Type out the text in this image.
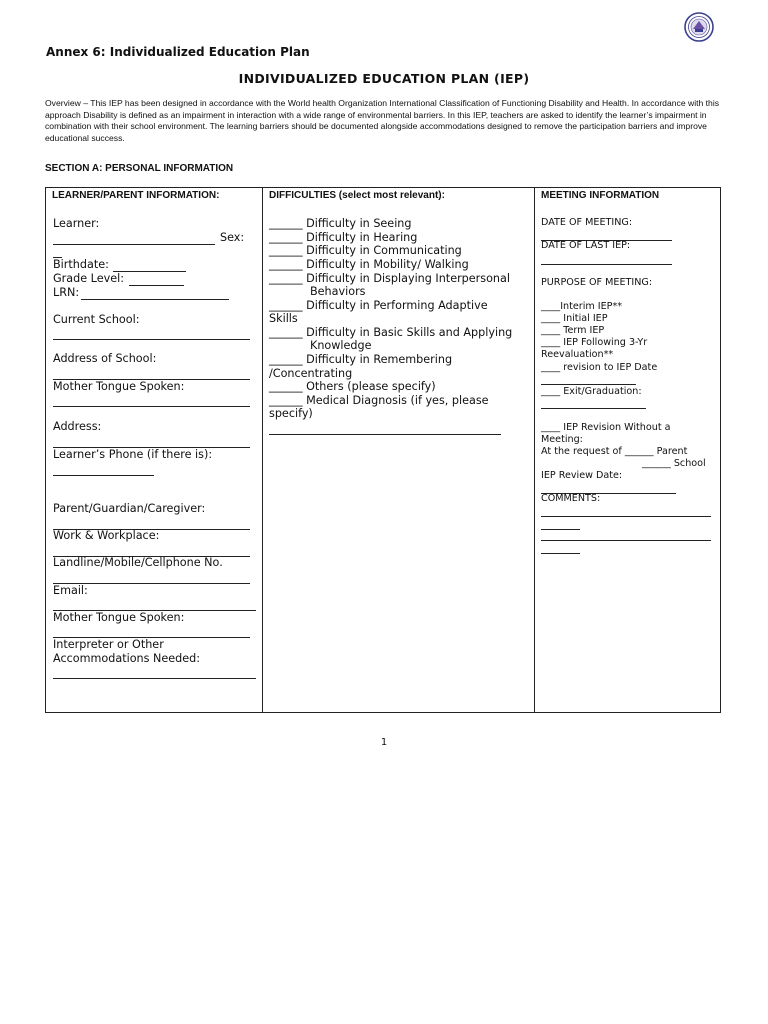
Annex 6: Individualized Education Plan
INDIVIDUALIZED EDUCATION PLAN (IEP)
Overview – This IEP has been designed in accordance with the World health Organization International Classification of Functioning Disability and Health. In accordance with this approach Disability is defined as an impairment in interaction with a wide range of environmental barriers. In this IEP, teachers are asked to identify the learner’s impairment in combination with their school environment. The learning barriers should be documented alongside accommodations designed to remove the participation barriers and improve educational success.
SECTION A: PERSONAL INFORMATION
LEARNER/PARENT INFORMATION:
Learner:
Sex:
Birthdate:
Grade Level:
LRN:
Current School:
Address of School:
Mother Tongue Spoken:
Address:
Learner’s Phone (if there is):
Parent/Guardian/Caregiver:
Work & Workplace:
Landline/Mobile/Cellphone No.
Email:
Mother Tongue Spoken:
Interpreter or Other
Accommodations Needed:
DIFFICULTIES (select most relevant):
______ Difficulty in Seeing
______ Difficulty in Hearing
______ Difficulty in Communicating
______ Difficulty in Mobility/ Walking
______ Difficulty in Displaying Interpersonal
Behaviors
______ Difficulty in Performing Adaptive
Skills
______ Difficulty in Basic Skills and Applying
Knowledge
______ Difficulty in Remembering
/Concentrating
______ Others (please specify)
______ Medical Diagnosis (if yes, please
specify)
MEETING INFORMATION
DATE OF MEETING:
DATE OF LAST IEP:
PURPOSE OF MEETING:
____Interim IEP**
____ Initial IEP
____ Term IEP
____ IEP Following 3-Yr
Reevaluation**
____ revision to IEP Date
____ Exit/Graduation:
____ IEP Revision Without a
Meeting:
At the request of ______ Parent
______ School
IEP Review Date:
COMMENTS:
1
